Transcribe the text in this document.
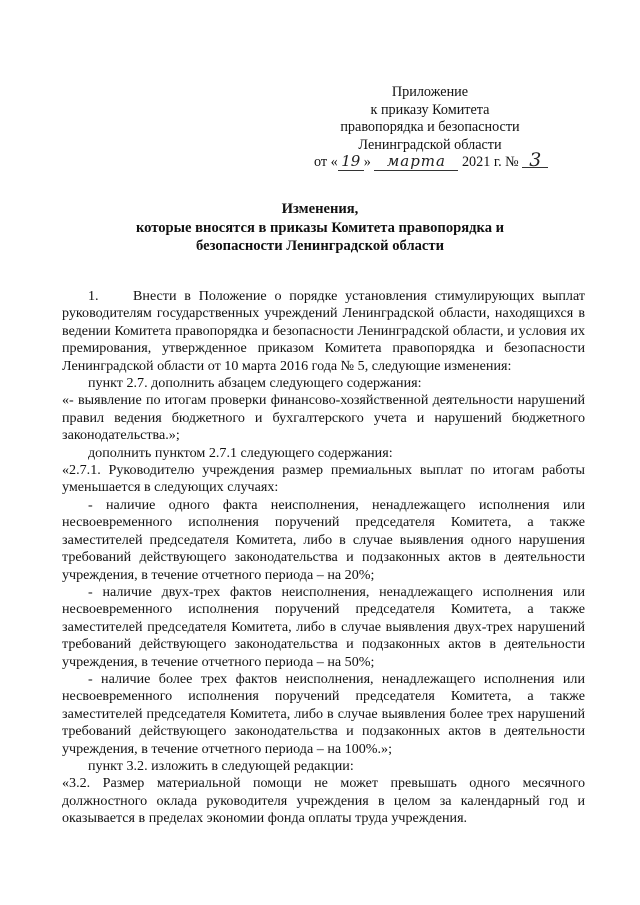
Приложение
к приказу Комитета
правопорядка и безопасности
Ленинградской области
от « 19 » марта 2021 г. № 3
Изменения,
которые вносятся в приказы Комитета правопорядка и
безопасности Ленинградской области

1. Внести в Положение о порядке установления стимулирующих выплат руководителям государственных учреждений Ленинградской области, находящихся в ведении Комитета правопорядка и безопасности Ленинградской области, и условия их премирования, утвержденное приказом Комитета правопорядка и безопасности Ленинградской области от 10 марта 2016 года № 5, следующие изменения:

пункт 2.7. дополнить абзацем следующего содержания:

«- выявление по итогам проверки финансово-хозяйственной деятельности нарушений правил ведения бюджетного и бухгалтерского учета и нарушений бюджетного законодательства.»;

дополнить пунктом 2.7.1 следующего содержания:

«2.7.1. Руководителю учреждения размер премиальных выплат по итогам работы уменьшается в следующих случаях:

- наличие одного факта неисполнения, ненадлежащего исполнения или несвоевременного исполнения поручений председателя Комитета, а также заместителей председателя Комитета, либо в случае выявления одного нарушения требований действующего законодательства и подзаконных актов в деятельности учреждения, в течение отчетного периода – на 20%;

- наличие двух-трех фактов неисполнения, ненадлежащего исполнения или несвоевременного исполнения поручений председателя Комитета, а также заместителей председателя Комитета, либо в случае выявления двух-трех нарушений требований действующего законодательства и подзаконных актов в деятельности учреждения, в течение отчетного периода – на 50%;

- наличие более трех фактов неисполнения, ненадлежащего исполнения или несвоевременного исполнения поручений председателя Комитета, а также заместителей председателя Комитета, либо в случае выявления более трех нарушений требований действующего законодательства и подзаконных актов в деятельности учреждения, в течение отчетного периода – на 100%.»;

пункт 3.2. изложить в следующей редакции:

«3.2. Размер материальной помощи не может превышать одного месячного должностного оклада руководителя учреждения в целом за календарный год и оказывается в пределах экономии фонда оплаты труда учреждения.
